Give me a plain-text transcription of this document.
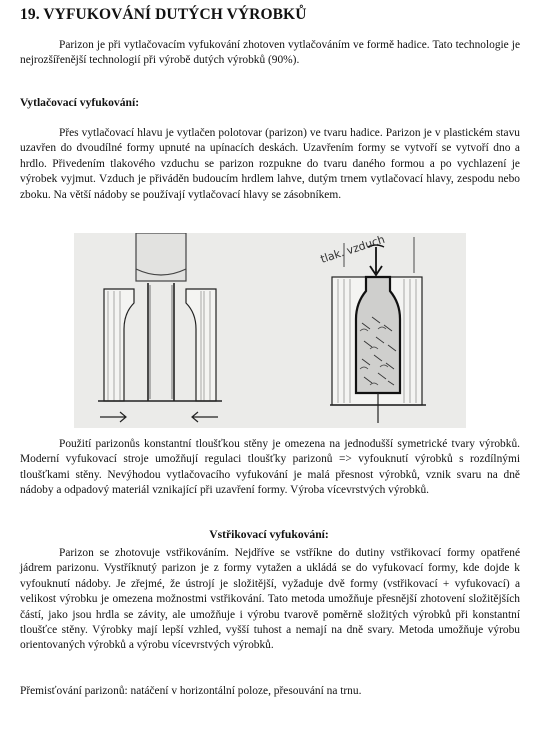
19. VYFUKOVÁNÍ DUTÝCH VÝROBKŮ

Parizon je při vytlačovacím vyfukování zhotoven vytlačováním ve formě hadice. Tato technologie je nejrozšířenější technologií při výrobě dutých výrobků (90%).

Vytlačovací vyfukování:

Přes vytlačovací hlavu je vytlačen polotovar (parizon) ve tvaru hadice. Parizon je v plastickém stavu uzavřen do dvoudílné formy upnuté na upínacích deskách. Uzavřením formy se vytvoří se vytvoří dno a hrdlo. Přivedením tlakového vzduchu se parizon rozpukne do tvaru daného formou a po vychlazení je výrobek vyjmut. Vzduch je přiváděn budoucím hrdlem lahve, dutým trnem vytlačovací hlavy, zespodu nebo zboku. Na větší nádoby se používají vytlačovací hlavy se zásobníkem.

tlak. vzduch

Použití parizonůs konstantní tloušťkou stěny je omezena na jednodušší symetrické tvary výrobků. Moderní vyfukovací stroje umožňují regulaci tloušťky parizonů => vyfouknutí výrobků s rozdílnými tloušťkami stěny. Nevýhodou vytlačovacího vyfukování je malá přesnost výrobků, vznik svaru na dně nádoby a odpadový materiál vznikající při uzavření formy. Výroba vícevrstvých výrobků.

Vstřikovací vyfukování:

Parizon se zhotovuje vstřikováním. Nejdříve se vstříkne do dutiny vstřikovací formy opatřené jádrem parizonu. Vystříknutý parizon je z formy vytažen a ukládá se do vyfukovací formy, kde dojde k vyfouknutí nádoby. Je zřejmé, že ústrojí je složitější, vyžaduje dvě formy (vstřikovací + vyfukovací) a velikost výrobku je omezena možnostmi vstřikování. Tato metoda umožňuje přesnější zhotovení složitějších částí, jako jsou hrdla se závity, ale umožňuje i výrobu tvarově poměrně složitých výrobků při konstantní tloušťce stěny. Výrobky mají lepší vzhled, vyšší tuhost a nemají na dně svary. Metoda umožňuje výrobu orientovaných výrobků a výrobu vícevrstvých výrobků.

Přemisťování parizonů: natáčení v horizontální poloze, přesouvání na trnu.
